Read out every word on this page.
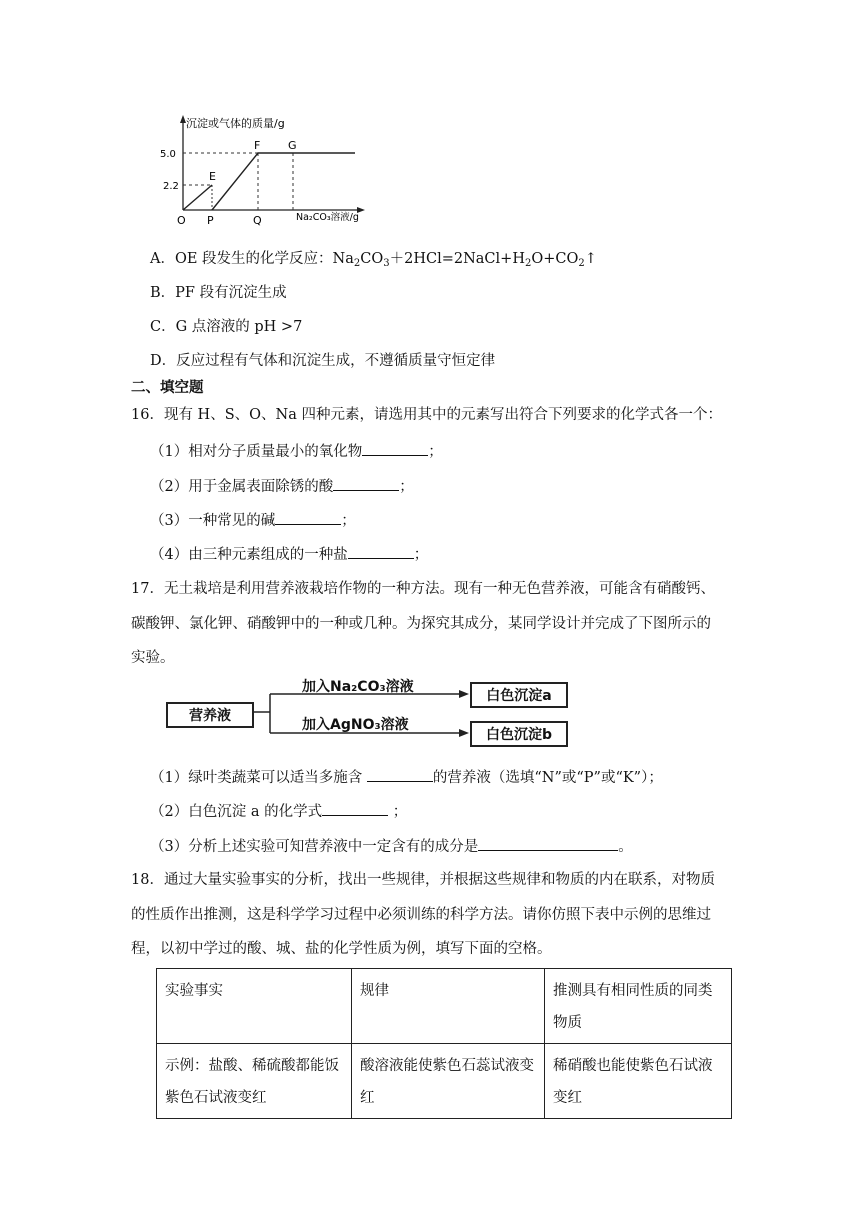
沉淀或气体的质量/g
Na₂CO₃溶液/g
5.0
2.2
O P	Q
E
F	G
A．OE 段发生的化学反应：$Na_2CO_3+2HCl=2NaCl+H_2O+CO_2↑$
B．PF 段有沉淀生成
C．G 点溶液的 pH >7
D．反应过程有气体和沉淀生成，不遵循质量守恒定律
二、填空题
16．现有 H、S、O、Na 四种元素，请选用其中的元素写出符合下列要求的化学式各一个：
（1）相对分子质量最小的氧化物	；
（2）用于金属表面除锈的酸	；
（3）一种常见的碱	；
（4）由三种元素组成的一种盐	；
17．无土栽培是利用营养液栽培作物的一种方法。现有一种无色营养液，可能含有硝酸钙、
碳酸钾、氯化钾、硝酸钾中的一种或几种。为探究其成分，某同学设计并完成了下图所示的
实验。
营养液
加入Na₂CO₃溶液
加入AgNO₃溶液
白色沉淀a
白色沉淀b
（1）绿叶类蔬菜可以适当多施含	的营养液（选填“N”或“P”或“K”）；
（2）白色沉淀 a 的化学式	；
（3）分析上述实验可知营养液中一定含有的成分是	。
18．通过大量实验事实的分析，找出一些规律，并根据这些规律和物质的内在联系，对物质
的性质作出推测，这是科学学习过程中必须训练的科学方法。请你仿照下表中示例的思维过
实验事实	规律	推测具有相同性质的同类物质
示例：盐酸、稀硫酸都能饭紫色石试液变红	酸溶液能使紫色石蕊试液变红	稀硝酸也能使紫色石试液变红
程，以初中学过的酸、城、盐的化学性质为例，填写下面的空格。
